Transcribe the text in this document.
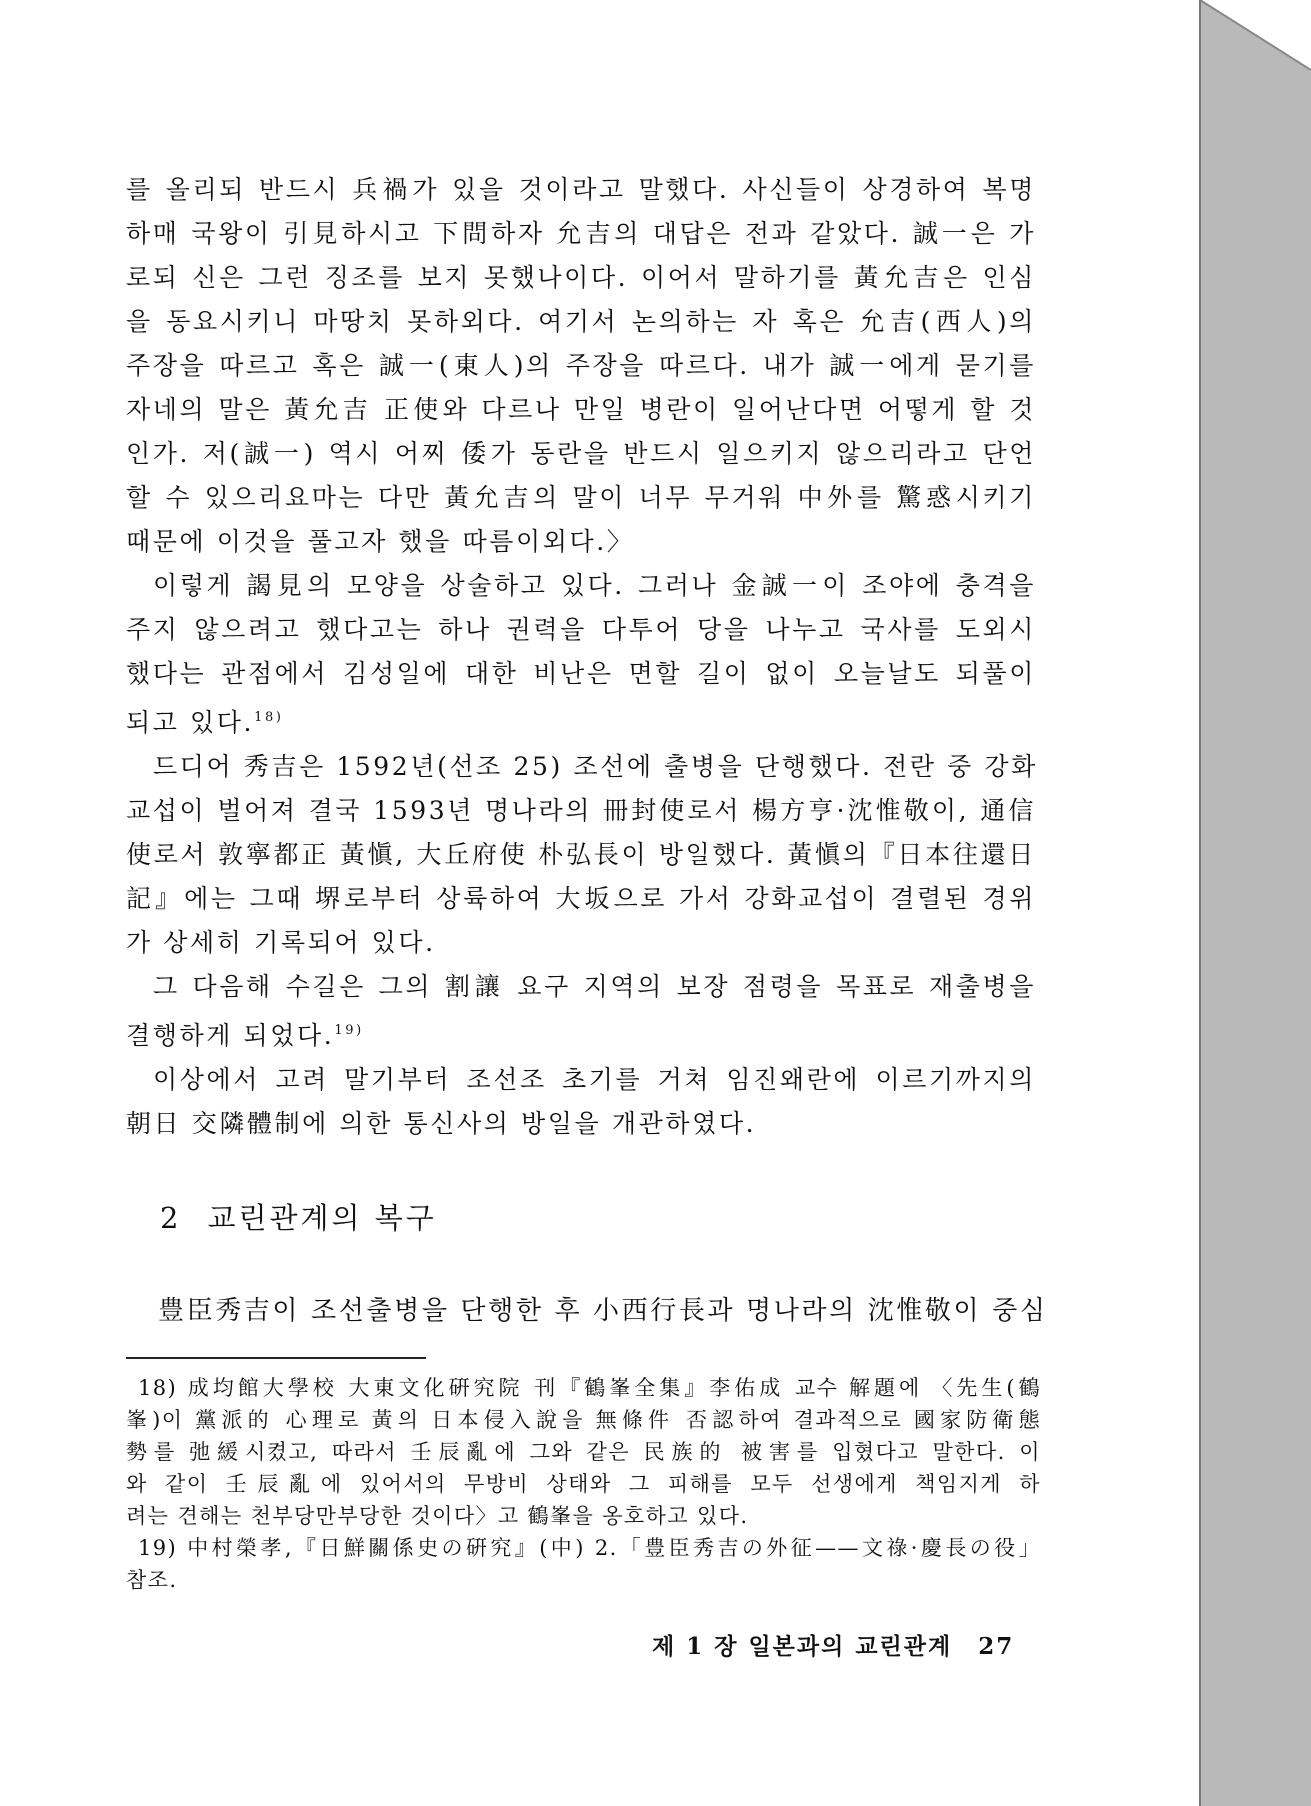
를 올리되 반드시 兵禍가 있을 것이라고 말했다. 사신들이 상경하여 복명
하매 국왕이 引見하시고 下問하자 允吉의 대답은 전과 같았다. 誠一은 가
로되 신은 그런 징조를 보지 못했나이다. 이어서 말하기를 黃允吉은 인심
을 동요시키니 마땅치 못하외다. 여기서 논의하는 자 혹은 允吉(西人)의
주장을 따르고 혹은 誠一(東人)의 주장을 따르다. 내가 誠一에게 묻기를
자네의 말은 黃允吉 正使와 다르나 만일 병란이 일어난다면 어떻게 할 것
인가. 저(誠一) 역시 어찌 倭가 동란을 반드시 일으키지 않으리라고 단언
할 수 있으리요마는 다만 黃允吉의 말이 너무 무거워 中外를 驚惑시키기
때문에 이것을 풀고자 했을 따름이외다.〉

이렇게 謁見의 모양을 상술하고 있다. 그러나 金誠一이 조야에 충격을
주지 않으려고 했다고는 하나 권력을 다투어 당을 나누고 국사를 도외시
했다는 관점에서 김성일에 대한 비난은 면할 길이 없이 오늘날도 되풀이
되고 있다.$^{18)}$

드디어 秀吉은 1592년(선조 25) 조선에 출병을 단행했다. 전란 중 강화
교섭이 벌어져 결국 1593년 명나라의 冊封使로서 楊方亨·沈惟敬이, 通信
使로서 敦寧都正 黃愼, 大丘府使 朴弘長이 방일했다. 黃愼의『日本往還日
記』에는 그때 堺로부터 상륙하여 大坂으로 가서 강화교섭이 결렬된 경위
가 상세히 기록되어 있다.

그 다음해 수길은 그의 割讓 요구 지역의 보장 점령을 목표로 재출병을
결행하게 되었다.$^{19)}$

이상에서 고려 말기부터 조선조 초기를 거쳐 임진왜란에 이르기까지의
朝日 交隣體制에 의한 통신사의 방일을 개관하였다.

2 교린관계의 복구
豊臣秀吉이 조선출병을 단행한 후 小西行長과 명나라의 沈惟敬이 중심
18) 成均館大學校 大東文化硏究院 刊『鶴峯全集』李佑成 교수 解題에 〈先生(鶴
峯)이 黨派的 心理로 黃의 日本侵入說을 無條件 否認하여 결과적으로 國家防衛態
勢를 弛緩시켰고, 따라서 壬辰亂에 그와 같은 民族的 被害를 입혔다고 말한다. 이
와 같이 壬辰亂에 있어서의 무방비 상태와 그 피해를 모두 선생에게 책임지게 하
려는 견해는 천부당만부당한 것이다〉고 鶴峯을 옹호하고 있다.
19) 中村榮孝,『日鮮關係史の硏究』(中) 2.「豊臣秀吉の外征——文祿·慶長の役」
참조.
제 1 장 일본과의 교린관계 27
